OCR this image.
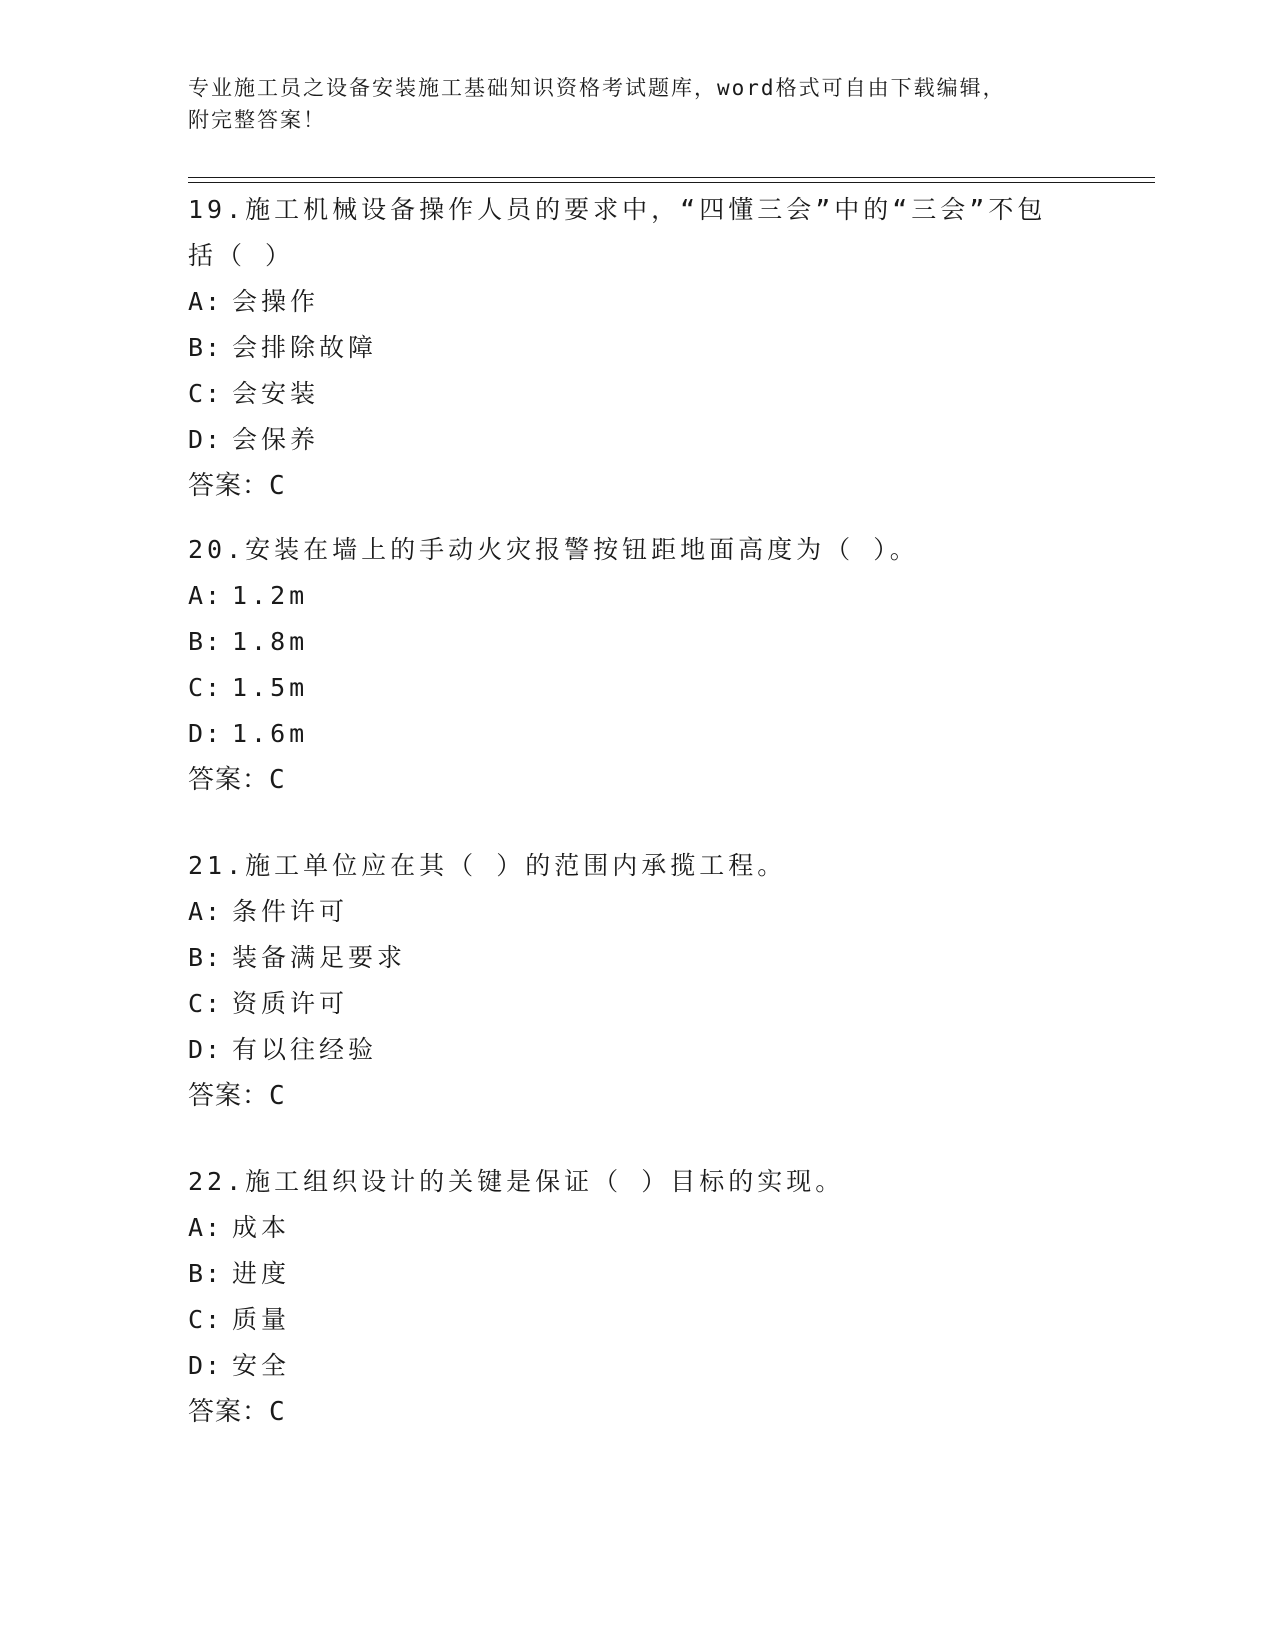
专业施工员之设备安装施工基础知识资格考试题库，word格式可自由下载编辑，
附完整答案！
19.施工机械设备操作人员的要求中，“四懂三会”中的“三会”不包
括（ ）
A: 会操作
B: 会排除故障
C: 会安装
D: 会保养
答案：C
20.安装在墙上的手动火灾报警按钮距地面高度为（ ）。
A: 1.2m
B: 1.8m
C: 1.5m
D: 1.6m
答案：C
21.施工单位应在其（ ）的范围内承揽工程。
A: 条件许可
B: 装备满足要求
C: 资质许可
D: 有以往经验
答案：C
22.施工组织设计的关键是保证（ ）目标的实现。
A: 成本
B: 进度
C: 质量
D: 安全
答案：C
